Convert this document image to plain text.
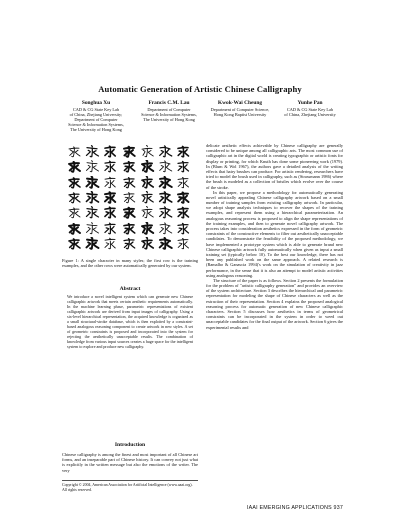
Automatic Generation of Artistic Chinese Calligraphy
Songhua Xu
CAD & CG State Key Lab
of China, Zhejiang University;
Department of Computer
Science & Information Systems,
The University of Hong Kong
Francis C.M. Lau
Department of Computer
Science & Information Systems,
The University of Hong Kong
Kwok-Wai Cheung
Department of Computer Science,
Hong Kong Baptist University
Yunhe Pan
CAD & CG State Key Lab
of China, Zhejiang University
Figure 1: A single character in many styles; the first row is the training examples, and the other rows were automatically generated by our system.
Abstract
We introduce a novel intelligent system which can generate new Chinese calligraphic artwork that meets certain aesthetic requirements automatically. In the machine learning phase, parametric representations of existent calligraphic artwork are derived from input images of calligraphy. Using a six-level hierarchical representation, the acquired knowledge is organized as a small structural-stroke database, which is then exploited by a constraint-based analogous reasoning component to create artwork in new styles. A set of geometric constraints is proposed and incorporated into the system for rejecting the aesthetically unacceptable results. The combination of knowledge from various input sources creates a huge space for the intelligent system to explore and produce new calligraphy.
Introduction
Chinese calligraphy is among the finest and most important of all Chinese art forms, and an inseparable part of Chinese history. It can convey not just what is explicitly in the written message but also the emotions of the writer. The very
Copyright © 2004, American Association for Artificial Intelligence (www.aaai.org). All rights reserved.

delicate aesthetic effects achievable by Chinese calligraphy are generally considered to be unique among all calligraphic arts. The most common use of calligraphic art in the digital world is creating typographic or artistic fonts for display or printing, for which Knuth has done some pioneering work (1979). In (Blum & Wol 1967), the authors gave a detailed analysis of the writing effects that hairy brushes can produce. For artistic rendering, researchers have tried to model the brush used in calligraphy, such as (Strassmann 1986) where the brush is modeled as a collection of bristles which evolve over the course of the stroke.

In this paper, we propose a methodology for automatically generating novel artistically appealing Chinese calligraphy artwork based on a small number of training samples from existing calligraphy artwork. In particular, we adopt shape analysis techniques to recover the shapes of the training examples, and represent them using a hierarchical parameterization. An analogous reasoning process is proposed to align the shape representations of the training examples, and then to generate novel calligraphy artwork. The process takes into consideration aesthetics expressed in the form of geometric constraints of the constructive elements to filter out aesthetically unacceptable candidates. To demonstrate the feasibility of the proposed methodology, we have implemented a prototype system which is able to generate brand new Chinese calligraphic artwork fully automatically when given as input a small training set (typically below 10). To the best our knowledge, there has not been any published work on the same approach. A related research is (Ramalho & Ganascia 1994)'s work on the simulation of creativity in jazz performance, in the sense that it is also an attempt to model artistic activities using analogous reasoning.

The structure of the paper is as follows. Section 2 presents the formulation for the problem of "artistic calligraphy generation" and provides an overview of the system architecture. Section 3 describes the hierarchical and parametric representation for modeling the shape of Chinese characters as well as the extraction of their representation. Section 4 explains the proposed analogical reasoning process for automatic generation of new Chinese calligraphic characters. Section 5 discusses how aesthetics in terms of geometrical constraints can be incorporated in the system in order to weed out unacceptable candidates for the final output of the artwork. Section 6 gives the experimental results and

IAAI EMERGING APPLICATIONS 937
